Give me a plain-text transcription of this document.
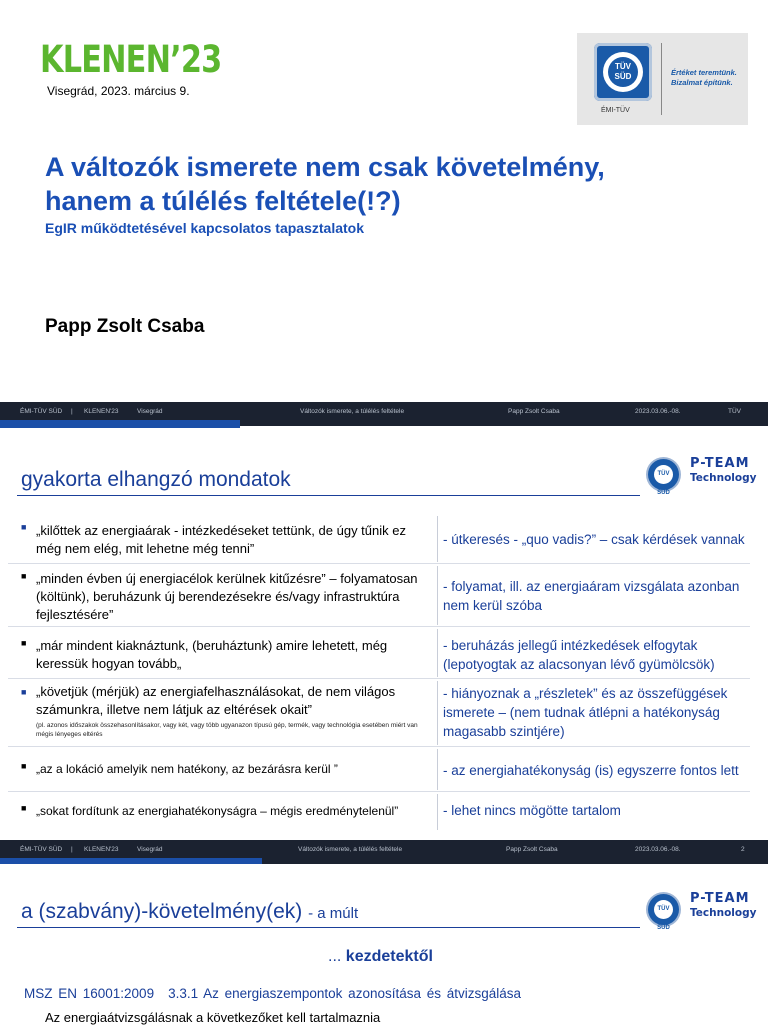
KLENEN’23
Visegrád, 2023. március 9.
TÜV SÜD
ÉMI-TÜV
Értéket teremtünk.
Bizalmat építünk.
A változók ismerete nem csak követelmény,
hanem a túlélés feltétele(!?)
EgIR működtetésével kapcsolatos tapasztalatok
Papp Zsolt Csaba
ÉMI-TÜV SÜD | KLENEN'23	Visegrád	Változók ismerete, a túlélés feltétele	Papp Zsolt Csaba	2023.03.06.-08.	TÜV
gyakorta elhangzó mondatok	TÜV SÜD
P-TEAM
Technology
■ „kilőttek az energiaárak - intézkedéseket tettünk, de úgy tűnik ez még nem elég, mit lehetne még tenni”
- útkeresés - „quo vadis?” – csak kérdések vannak
■ „minden évben új energiacélok kerülnek kitűzésre” – folyamatosan (költünk), beruházunk új berendezésekre és/vagy infrastruktúra fejlesztésére”
- folyamat, ill. az energiaáram vizsgálata azonban nem kerül szóba
■ „már mindent kiaknáztunk, (beruháztunk) amire lehetett, még keressük hogyan tovább„
- beruházás jellegű intézkedések elfogytak (lepotyogtak az alacsonyan lévő gyümölcsök)
■ „követjük (mérjük) az energiafelhasználásokat, de nem világos számunkra, illetve nem látjuk az eltérések okait”
(pl. azonos időszakok összehasonlításakor, vagy két, vagy több ugyanazon típusú gép, termék, vagy technológia esetében miért van mégis lényeges eltérés
- hiányoznak a „részletek” és az összefüggések ismerete – (nem tudnak átlépni a hatékonyság magasabb szintjére)
■ „az a lokáció amelyik nem hatékony, az bezárásra kerül ”	- az energiahatékonyság (is) egyszerre fontos lett
■ „sokat fordítunk az energiahatékonyságra – mégis eredménytelenül”	- lehet nincs mögötte tartalom
ÉMI-TÜV SÜD | KLENEN'23	Visegrád	Változók ismerete, a túlélés feltétele	Papp Zsolt Csaba	2023.03.06.-08.	2
a (szabvány)-követelmény(ek) - a múlt	TÜV SÜD
P-TEAM
Technology
... kezdetektől
MSZ EN 16001:2009 3.3.1 Az energiaszempontok azonosítása és átvizsgálása
Az energiaátvizsgálásnak a következőket kell tartalmaznia
